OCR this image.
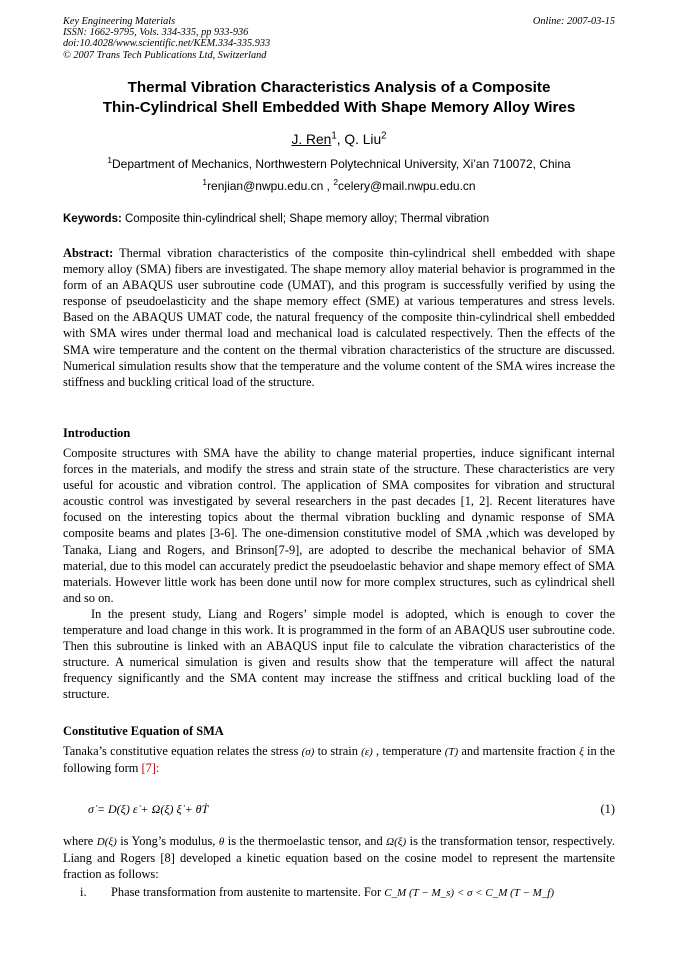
Key Engineering Materials
ISSN: 1662-9795, Vols. 334-335, pp 933-936
doi:10.4028/www.scientific.net/KEM.334-335.933
© 2007 Trans Tech Publications Ltd, Switzerland
Online: 2007-03-15
Thermal Vibration Characteristics Analysis of a Composite
Thin-Cylindrical Shell Embedded With Shape Memory Alloy Wires
J. Ren$^1$, Q. Liu$^2$
$^1$Department of Mechanics, Northwestern Polytechnical University, Xi’an 710072, China
$^1$renjian@nwpu.edu.cn , $^2$celery@mail.nwpu.edu.cn
Keywords: Composite thin-cylindrical shell; Shape memory alloy; Thermal vibration
Abstract: Thermal vibration characteristics of the composite thin-cylindrical shell embedded with shape memory alloy (SMA) fibers are investigated. The shape memory alloy material behavior is programmed in the form of an ABAQUS user subroutine code (UMAT), and this program is successfully verified by using the response of pseudoelasticity and the shape memory effect (SME) at various temperatures and stress levels. Based on the ABAQUS UMAT code, the natural frequency of the composite thin-cylindrical shell embedded with SMA wires under thermal load and mechanical load is calculated respectively. Then the effects of the SMA wire temperature and the content on the thermal vibration characteristics of the structure are discussed. Numerical simulation results show that the temperature and the volume content of the SMA wires increase the stiffness and buckling critical load of the structure.
Introduction
Composite structures with SMA have the ability to change material properties, induce significant internal forces in the materials, and modify the stress and strain state of the structure. These characteristics are very useful for acoustic and vibration control. The application of SMA composites for vibration and structural acoustic control was investigated by several researchers in the past decades [1, 2]. Recent literatures have focused on the interesting topics about the thermal vibration buckling and dynamic response of SMA composite beams and plates [3-6]. The one-dimension constitutive model of SMA ,which was developed by Tanaka, Liang and Rogers, and Brinson[7-9], are adopted to describe the mechanical behavior of SMA material, due to this model can accurately predict the pseudoelastic behavior and shape memory effect of SMA materials. However little work has been done until now for more complex structures, such as cylindrical shell and so on.
In the present study, Liang and Rogers’ simple model is adopted, which is enough to cover the temperature and load change in this work. It is programmed in the form of an ABAQUS user subroutine code. Then this subroutine is linked with an ABAQUS input file to calculate the vibration characteristics of the structure. A numerical simulation is given and results show that the temperature will affect the natural frequency significantly and the SMA content may increase the stiffness and critical buckling load of the structure.
Constitutive Equation of SMA
Tanaka’s constitutive equation relates the stress (σ) to strain (ε) , temperature (T) and martensite fraction ξ in the following form [7]:
σ̇ = D(ξ) ε̇ + Ω(ξ) ξ̇ + θṪ	(1)
where D(ξ) is Yong’s modulus, θ is the thermoelastic tensor, and Ω(ξ) is the transformation tensor, respectively. Liang and Rogers [8] developed a kinetic equation based on the cosine model to represent the martensite fraction as follows:
i. Phase transformation from austenite to martensite. For C_M (T − M_s) < σ < C_M (T − M_f)
